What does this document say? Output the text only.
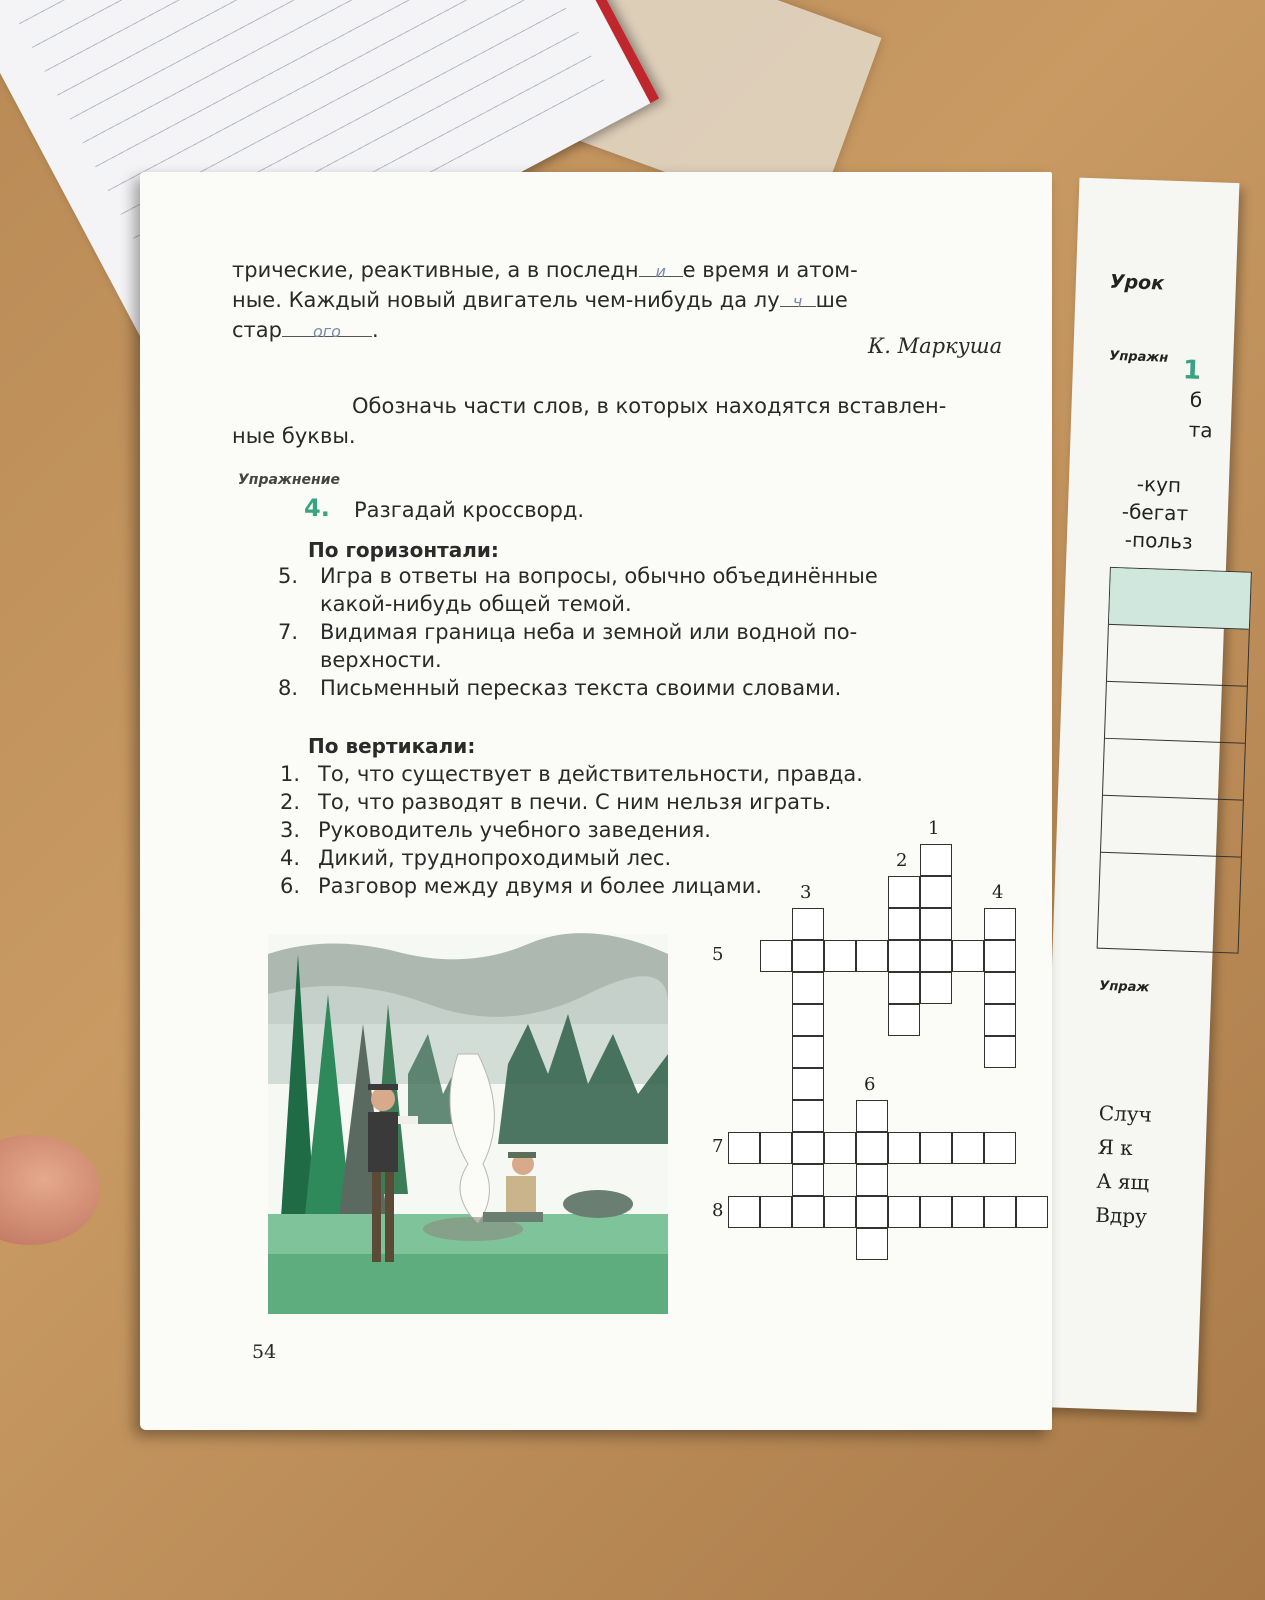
Урок
Упражн 1
б
та
-куп
-бегат
-польз
Упраж
Случ
Я к
А ящ
Вдру
трические, реактивные, а в последн и е время и атом-
ные. Каждый новый двигатель чем-нибудь да лу ч ше
стар ого .
К. Маркуша
Обозначь части слов, в которых находятся вставлен-
ные буквы.
Упражнение
4. Разгадай кроссворд.
По горизонтали:
5. Игра в ответы на вопросы, обычно объединённые
какой-нибудь общей темой.
7. Видимая граница неба и земной или водной по-
верхности.
8. Письменный пересказ текста своими словами.
По вертикали:
1. То, что существует в действительности, правда.
2. То, что разводят в печи. С ним нельзя играть.
3. Руководитель учебного заведения.
4. Дикий, труднопроходимый лес.
6. Разговор между двумя и более лицами.
1
2
3	4
5
6
7
8
54
